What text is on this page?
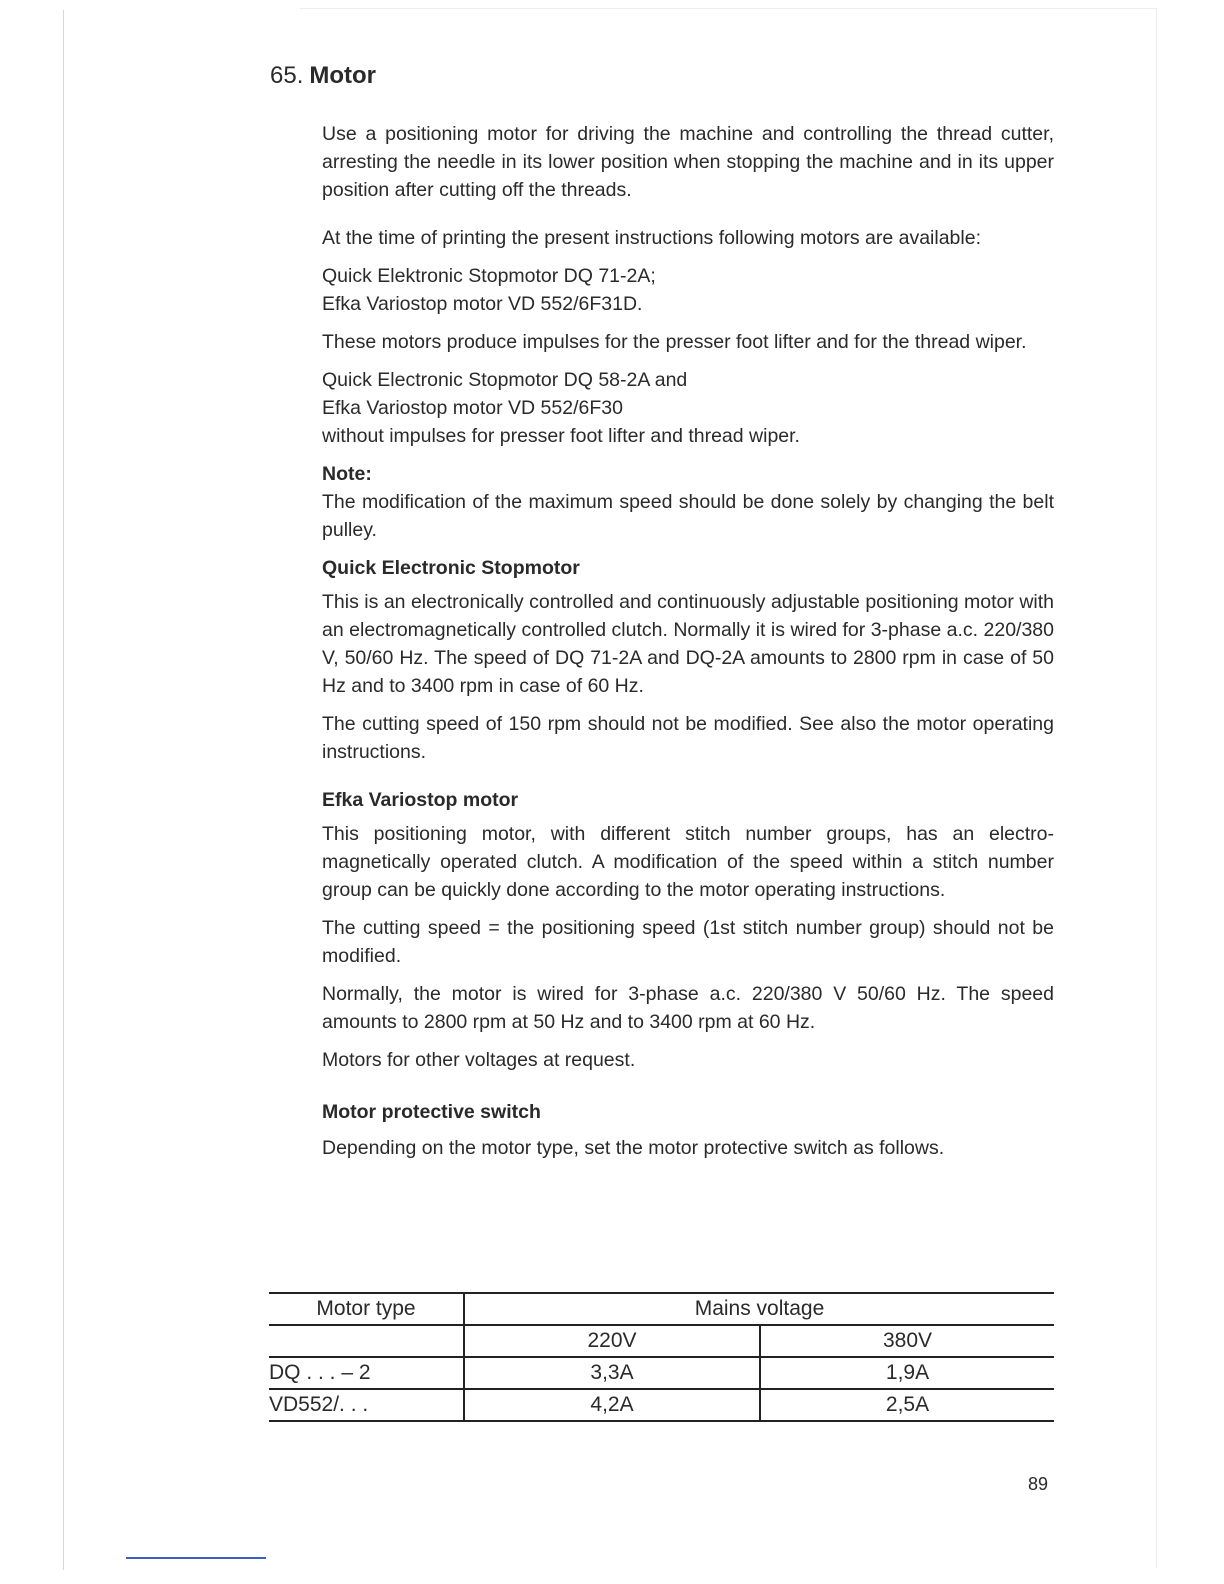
65. Motor

Use a positioning motor for driving the machine and controlling the thread cutter, arresting the needle in its lower position when stopping the machine and in its upper position after cutting off the threads.

At the time of printing the present instructions following motors are available:

Quick Elektronic Stopmotor DQ 71-2A;

Efka Variostop motor VD 552/6F31D.

These motors produce impulses for the presser foot lifter and for the thread wiper.

Quick Electronic Stopmotor DQ 58-2A and

Efka Variostop motor VD 552/6F30

without impulses for presser foot lifter and thread wiper.

Note:

The modification of the maximum speed should be done solely by changing the belt pulley.

Quick Electronic Stopmotor

This is an electronically controlled and continuously adjustable positioning motor with an electromagnetically controlled clutch. Normally it is wired for 3-phase a.c. 220/380 V, 50/60 Hz. The speed of DQ 71-2A and DQ-2A amounts to 2800 rpm in case of 50 Hz and to 3400 rpm in case of 60 Hz.

The cutting speed of 150 rpm should not be modified. See also the motor operating instructions.

Efka Variostop motor

This positioning motor, with different stitch number groups, has an electro-magnetically operated clutch. A modification of the speed within a stitch number group can be quickly done according to the motor operating instructions.

The cutting speed = the positioning speed (1st stitch number group) should not be modified.

Normally, the motor is wired for 3-phase a.c. 220/380 V 50/60 Hz. The speed amounts to 2800 rpm at 50 Hz and to 3400 rpm at 60 Hz.

Motors for other voltages at request.

Motor protective switch

Depending on the motor type, set the motor protective switch as follows.

Motor type	Mains voltage	
	220V	380V
DQ . . . – 2	3,3A	1,9A
VD552/. . .	4,2A	2,5A
89
